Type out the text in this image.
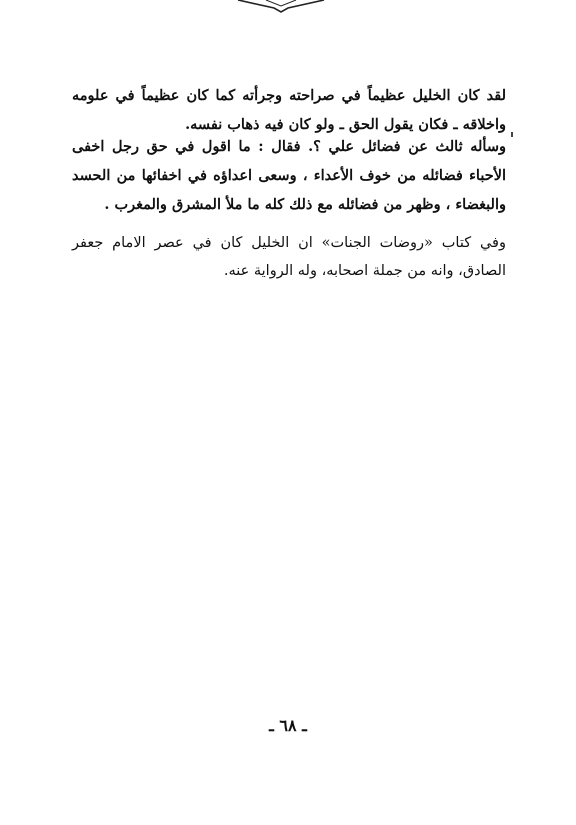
لقد كان الخليل عظيماً في صراحته وجرأته كما كان عظيماً في علومه واخلاقه ـ فكان يقول الحق ـ ولو كان فيه ذهاب نفسه.

وسأله ثالث عن فضائل علي ؟. فقال : ما اقول في حق رجل اخفى الأحباء فضائله من خوف الأعداء ، وسعى اعداؤه في اخفائها من الحسد والبغضاء ، وظهر من فضائله مع ذلك كله ما ملأ المشرق والمغرب .

وفي كتاب «روضات الجنات» ان الخليل كان في عصر الامام جعفر الصادق، وانه من جملة اصحابه، وله الرواية عنه.

ـ ٦٨ ـ
